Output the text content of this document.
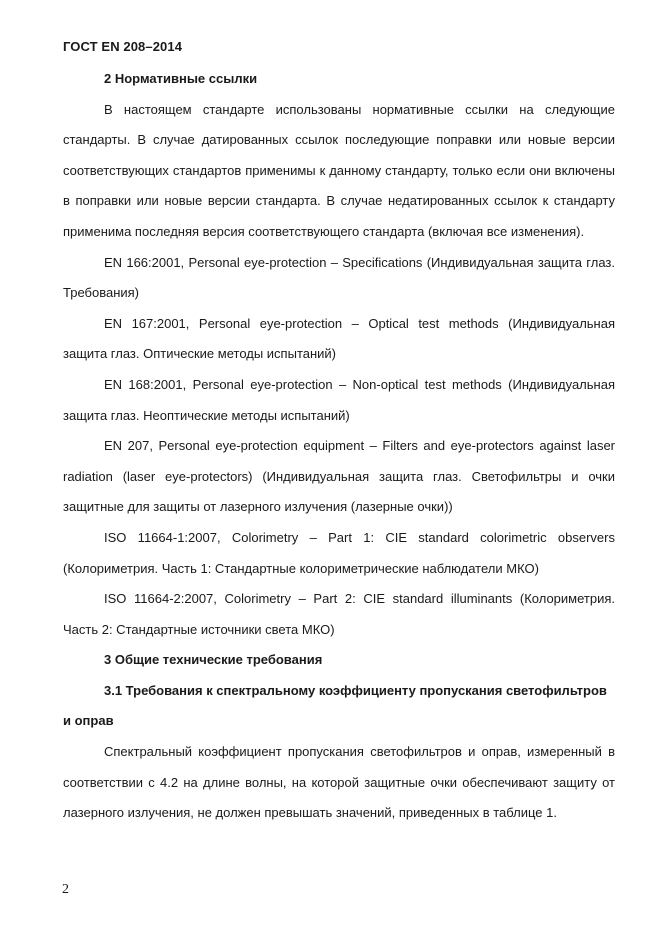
ГОСТ EN 208–2014

2 Нормативные ссылки

В настоящем стандарте использованы нормативные ссылки на следующие стандарты. В случае датированных ссылок последующие поправки или новые версии соответствующих стандартов применимы к данному стандарту, только если они включены в поправки или новые версии стандарта. В случае недатированных ссылок к стандарту применима последняя версия соответствующего стандарта (включая все изменения).

EN 166:2001, Personal eye-protection – Specifications (Индивидуальная защита глаз. Требования)

EN 167:2001, Personal eye-protection – Optical test methods (Индивидуальная защита глаз. Оптические методы испытаний)

EN 168:2001, Personal eye-protection – Non-optical test methods (Индивидуальная защита глаз. Неоптические методы испытаний)

EN 207, Personal eye-protection equipment – Filters and eye-protectors against laser radiation (laser eye-protectors) (Индивидуальная защита глаз. Светофильтры и очки защитные для защиты от лазерного излучения (лазерные очки))

ISO 11664-1:2007, Colorimetry – Part 1: CIE standard colorimetric observers (Колориметрия. Часть 1: Стандартные колориметрические наблюдатели МКО)

ISO 11664-2:2007, Colorimetry – Part 2: CIE standard illuminants (Колориметрия. Часть 2: Стандартные источники света МКО)

3 Общие технические требования

3.1 Требования к спектральному коэффициенту пропускания светофильтров и оправ

Спектральный коэффициент пропускания светофильтров и оправ, измеренный в соответствии с 4.2 на длине волны, на которой защитные очки обеспечивают защиту от лазерного излучения, не должен превышать значений, приведенных в таблице 1.

2
